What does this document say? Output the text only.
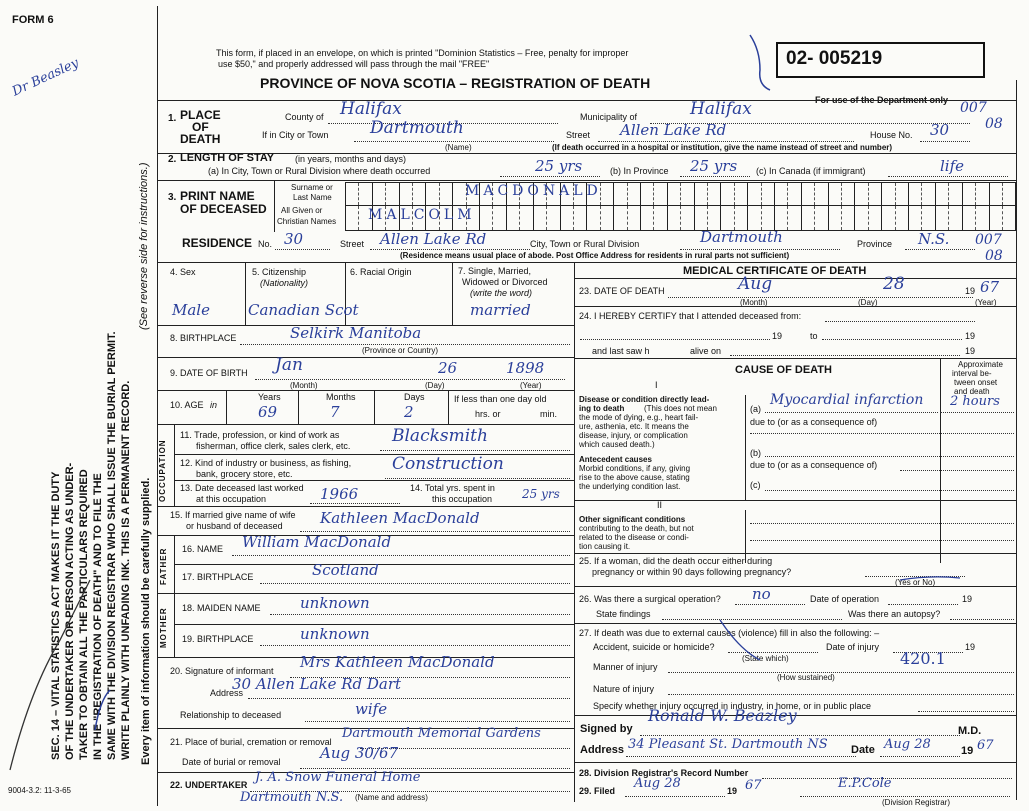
FORM 6
Dr Beasley
This form, if placed in an envelope, on which is printed "Dominion Statistics – Free, penalty for improper
use $50," and properly addressed will pass through the mail "FREE"
PROVINCE OF NOVA SCOTIA – REGISTRATION OF DEATH
02- 005219
For use of the Department only 007
08
007
08
SEC. 14 – VITAL STATISTICS ACT MAKES IT THE DUTY OF THE UNDERTAKER OR PERSON ACTING AS UNDER- TAKER TO OBTAIN ALL THE PARTICULARS REQUIRED IN THE "REGISTRATION OF DEATH" AND TO FILE THE SAME WITH THE DIVISION REGISTRAR WHO SHALL ISSUE THE BURIAL PERMIT. WRITE PLAINLY WITH UNFADING INK. THIS IS A PERMANENT RECORD.
(See reverse side for instructions.)
Every item of information should be carefully supplied.
1. PLACE
OF
DEATH
County of Halifax	Municipality of	Halifax
If in City or Town Dartmouth
(Name)
Street Allen Lake Rd	House No. 30
(If death occurred in a hospital or institution, give the name instead of street and number)
2. LENGTH OF STAY (in years, months and days)
(a) In City, Town or Rural Division where death occurred	25 yrs	(b) In Province 25 yrs (c) In Canada (if immigrant)	life
3. PRINT NAME
OF DECEASED
Surname or
Last Name	MACDONALD
All Given or
Christian Names MALCOLM
RESIDENCE No. 30	Street Allen Lake Rd	City, Town or Rural Division	Dartmouth	Province N.S.
(Residence means usual place of abode. Post Office Address for residents in rural parts not sufficient)
4. Sex
Male
5. Citizenship
(Nationality)
Canadian Scot
6. Racial Origin	7. Single, Married,
Widowed or Divorced
(write the word)
married
8. BIRTHPLACE	Selkirk Manitoba
(Province or Country)
9. DATE OF BIRTH Jan	26	1898
(Month)	(Day)	(Year)
10. AGE in
Years
69
Months
7
Days
2
If less than one day old
hrs. or	min.
OCCUPATION
11. Trade, profession, or kind of work as
fisherman, office clerk, sales clerk, etc. Blacksmith
12. Kind of industry or business, as fishing,
bank, grocery store, etc.	Construction
13. Date deceased last worked
at this occupation	1966	14. Total yrs. spent in
this occupation 25 yrs
15. If married give name of wife
or husband of deceased Kathleen MacDonald
FATHER 16. NAME William MacDonald
17. BIRTHPLACE	Scotland
MOTHER 18. MAIDEN NAME	unknown
19. BIRTHPLACE	unknown
20. Signature of informant Mrs Kathleen MacDonald
Address
30 Allen Lake Rd Dart
Relationship to deceased	wife
21. Place of burial, cremation or removal
Dartmouth Memorial Gardens
Date of burial or removal	Aug 30/67
22. UNDERTAKER J. A. Snow Funeral Home
Dartmouth N.S. (Name and address)
9004-3.2: 11-3-65
MEDICAL CERTIFICATE OF DEATH
23. DATE OF DEATH	Aug	28	19 67
(Month)	(Day)	(Year)
24. I HEREBY CERTIFY that I attended deceased from:
19	to	19
and last saw h	alive on	19
CAUSE OF DEATH	Approximate
interval be-
tween onset
and death
I
Disease or condition directly lead-
ing to death (This does not mean
the mode of dying, e.g., heart fail-
ure, asthenia, etc. It means the
disease, injury, or complication
which caused death.)
(a)
Myocardial infarction 2 hours
due to (or as a consequence of)
Antecedent causes
Morbid conditions, if any, giving
rise to the above cause, stating
the underlying condition last.
(b)
due to (or as a consequence of)
(c)
II
Other significant conditions
contributing to the death, but not
related to the disease or condi-
tion causing it.
25. If a woman, did the death occur either during
pregnancy or within 90 days following pregnancy?
(Yes or No)
26. Was there a surgical operation? no	Date of operation	19
State findings	Was there an autopsy?
27. If death was due to external causes (violence) fill in also the following: –
Accident, suicide or homicide?
(State which)
Date of injury	19
Manner of injury
(How sustained)
420.1
Nature of injury
Specify whether injury occurred in industry, in home, or in public place
Signed by
Ronald W. Beazley
M.D.
Address 34 Pleasant St. Dartmouth NS Date Aug 28	19 67
28. Division Registrar's Record Number
29. Filed Aug 28	19 67	E.P.Cole
(Division Registrar)
